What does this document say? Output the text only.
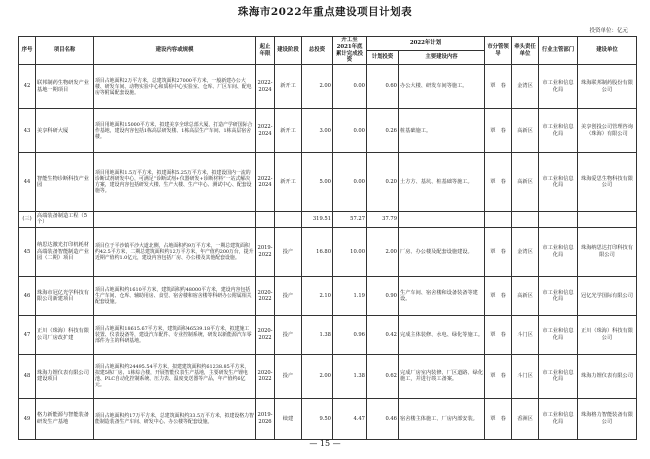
珠海市2022年重点建设项目计划表
投资单位：亿元
序号	项目名称	建设内容或规模	起止年限	建设阶段	总投资	开工至2021年底累计完成投资	2022年计划		市分管领导	牵头责任单位	行业主管部门	建设单位
							计划投资	主要建设内容				
42	联邦制药生物研发产业基地一期项目	项目占地面积2万平方米，总建筑面积27000平方米，一般新建办公大楼、研发车间、动物实验中心和质检中心实验室、仓库、厂区车间、配电房等附属配套设施。	2022-2024	新开工	2.00	0.00	0.60	办公大楼、研发车间等施工。	覃　春	金湾区	市工业和信息化局	珠海联邦制药股份有限公司
43	美享科研大厦	项目用地面积15000平方米，拟建美享全球总部大厦，打造产学研国际合作基地，建设内容包括1栋高层研发楼、1栋高层生产车间、1栋高层宿舍楼。	2022-2024	新开工	3.00	0.00	0.26	桩基础施工。	覃　春	高新区	市工业和信息化局	美享创投公司管理咨询（珠海）有限公司
44	智能生物诊断科技产业园	项目用地面积1.5万平方米，拟建面积5.25万平方米，拟建设国内一流的诊断试剂研发中心，可满足“诊断试剂+仪器研发+诊断材料”一站式解决方案，建设内容包括研发大楼、生产大楼、生产中心、测试中心、配套设施等。	2022-2024	新开工	5.00	0.00	0.20	土方方、基坑、桩基础等施工。	覃　春	高新区	市工业和信息化局	珠海爱思生物科技有限公司
(三)	高端装备制造工程（5个）				319.51	57.27	37.79					
45	纳思达激光打印机耗材高端装备智能制造产业园（二期）项目	项目位于平沙镇平沙大道北侧，占地面积约9万平方米，一期总建筑面积约42.5平方米，二期总建筑面积约12万平方米，年产值约200万台，提升近期产值约1.0亿元，建设内容包括厂房、办公楼及其他配套设施。	2019-2022	投产	16.80	10.00	2.00	厂房、办公楼及配套设施建设。	覃　春	金湾区	市工业和信息化局	珠海纳思达打印科技有限公司
46	珠海市冠亿光学科技有限公司新建项目	项目占地面积约1610平方米，建筑面积约48000平方米，建设内容包括生产车间、仓库、辅助用房、食堂、宿舍楼和宿舍楼等科研办公附属相关配套设施。	2020-2022	投产	2.10	1.19	0.90	生产车间、宿舍楼和设备装备等建设。	覃　春	高新区	市工业和信息化局	冠亿光学国际有限公司
47	正川（珠海）科技有限公司厂房改扩建	项目占地面积18615.67平方米，建筑面积46539.18平方米，拟建施工装置、仪表设备等，建设汽车配件、专业控制系统，研发以新能源汽车零部件为主的科研基地。	2020-2022	投产	1.38	0.96	0.42	完成主体装修、水电、绿化等施工。	覃　春	斗门区	市工业和信息化局	正川（珠海）科技有限公司
48	珠海力锂仪表有限公司建设项目	项目占地面积约24495.54平方米，拟建建筑面积约61238.85平方米，拟建5栋厂房、1栋综合楼，开展智能仪表生产基地，主要研发生产锂电池、PLC自动化控制系统、压力表、温度变送器等产品，年产值约6亿元。	2020-2022	投产	2.00	1.38	0.62	完成厂房室内装修、厂区道路、绿化施工，并进行竣工备案。	覃　春	斗门区	市工业和信息化局	珠海力锂仪表有限公司
49	格力新能源与智能装备研发生产基地	项目占地面积约17万平方米，总建筑面积约33.5万平方米，拟建设格力智能制造装备生产车间、研发中心、办公楼等配套设施。	2019-2026	续建	9.50	4.47	0.46	宿舍楼主体施工、厂房内部安装。	覃　春	香洲区	市工业和信息化局	珠海格力智能装备有限公司
— 15 —
